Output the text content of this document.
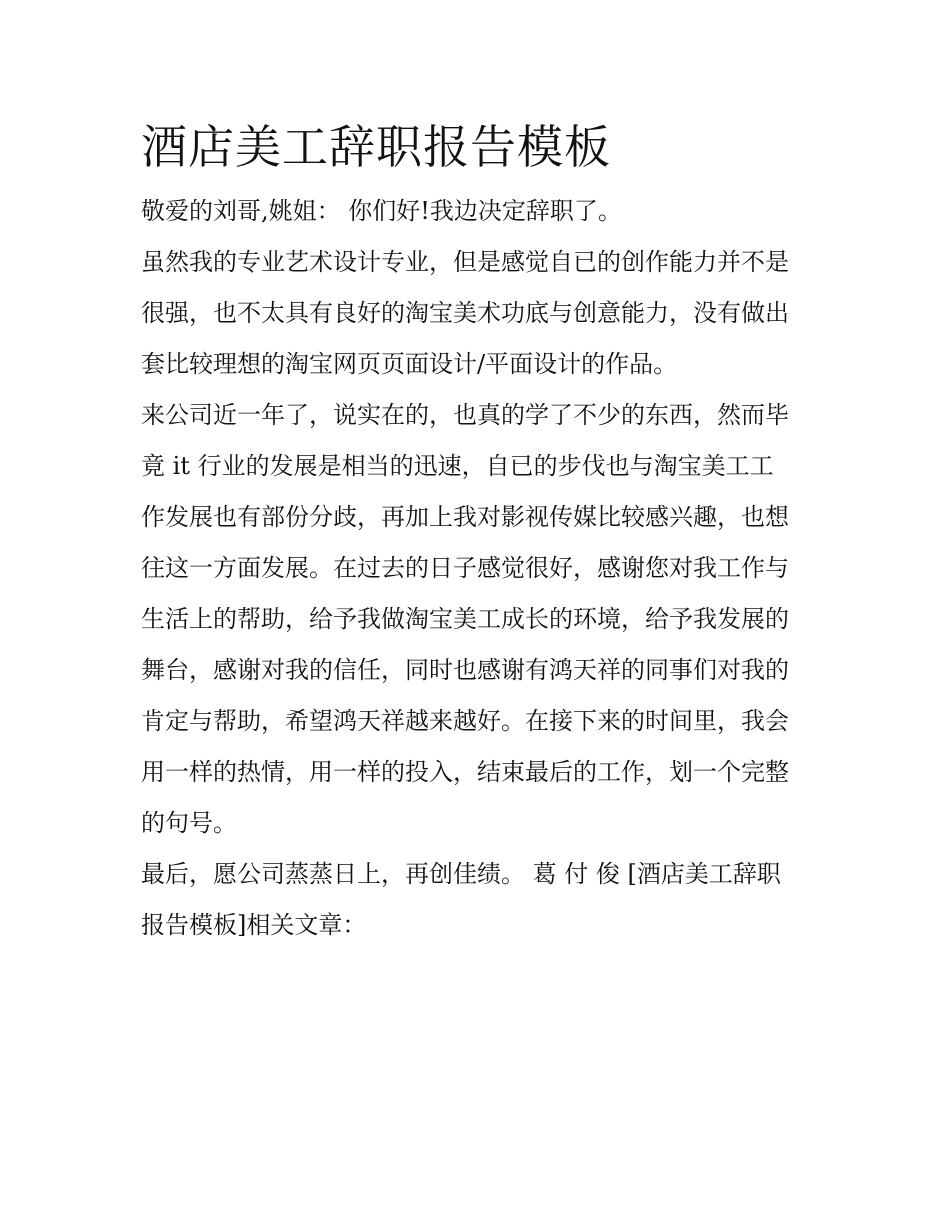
酒店美工辞职报告模板

敬爱的刘哥,姚姐： 你们好!我边决定辞职了。

虽然我的专业艺术设计专业，但是感觉自已的创作能力并不是

很强，也不太具有良好的淘宝美术功底与创意能力，没有做出

套比较理想的淘宝网页页面设计/平面设计的作品。

来公司近一年了，说实在的，也真的学了不少的东西，然而毕

竟 it 行业的发展是相当的迅速，自已的步伐也与淘宝美工工

作发展也有部份分歧，再加上我对影视传媒比较感兴趣，也想

往这一方面发展。在过去的日子感觉很好，感谢您对我工作与

生活上的帮助，给予我做淘宝美工成长的环境，给予我发展的

舞台，感谢对我的信任，同时也感谢有鸿天祥的同事们对我的

肯定与帮助，希望鸿天祥越来越好。在接下来的时间里，我会

用一样的热情，用一样的投入，结束最后的工作，划一个完整

的句号。

最后，愿公司蒸蒸日上，再创佳绩。 葛 付 俊 [酒店美工辞职

报告模板]相关文章：
